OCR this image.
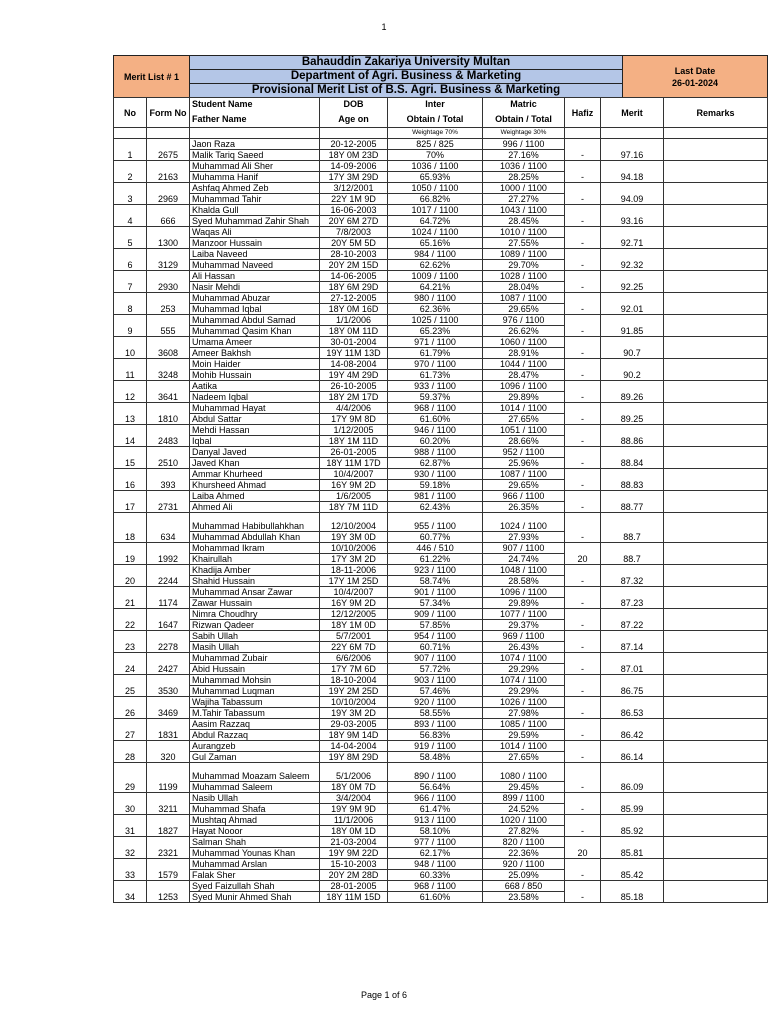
1
Merit List # 1	Bahauddin Zakariya University Multan	
Last Date
26-01-2024

Department of Agri. Business & Marketing
Provisional Merit List of B.S. Agri. Business & Marketing
No	Form No	Student Name	DOB	Inter	Matric	Hafiz	Merit	Remarks
		Father Name	Age on	Obtain / Total	Obtain / Total			
				Weightage 70%	Weightage 30%			
1	2675	Jaon Raza	20-12-2005	825 / 825	996 / 1100	-	97.16	
		Malik Tariq Saeed	18Y 0M 23D	70%	27.16%			
2	2163	Muhammad Ali Sher	14-09-2006	1036 / 1100	1036 / 1100	-	94.18	
		Muhamma Hanif	17Y 3M 29D	65.93%	28.25%			
3	2969	Ashfaq Ahmed Zeb	3/12/2001	1050 / 1100	1000 / 1100	-	94.09	
		Muhammad Tahir	22Y 1M 9D	66.82%	27.27%			
4	666	Khalda Gull	16-06-2003	1017 / 1100	1043 / 1100	-	93.16	
		Syed Muhammad Zahir Shah	20Y 6M 27D	64.72%	28.45%			
5	1300	Waqas Ali	7/8/2003	1024 / 1100	1010 / 1100	-	92.71	
		Manzoor Hussain	20Y 5M 5D	65.16%	27.55%			
6	3129	Laiba Naveed	28-10-2003	984 / 1100	1089 / 1100	-	92.32	
		Muhammad Naveed	20Y 2M 15D	62.62%	29.70%			
7	2930	Ali Hassan	14-06-2005	1009 / 1100	1028 / 1100	-	92.25	
		Nasir Mehdi	18Y 6M 29D	64.21%	28.04%			
8	253	Muhammad Abuzar	27-12-2005	980 / 1100	1087 / 1100	-	92.01	
		Muhammad Iqbal	18Y 0M 16D	62.36%	29.65%			
9	555	Muhammad Abdul Samad	1/1/2006	1025 / 1100	976 / 1100	-	91.85	
		Muhammad Qasim Khan	18Y 0M 11D	65.23%	26.62%			
10	3608	Umama Ameer	30-01-2004	971 / 1100	1060 / 1100	-	90.7	
		Ameer Bakhsh	19Y 11M 13D	61.79%	28.91%			
11	3248	Moin Haider	14-08-2004	970 / 1100	1044 / 1100	-	90.2	
		Mohib Hussain	19Y 4M 29D	61.73%	28.47%			
12	3641	Aatika	26-10-2005	933 / 1100	1096 / 1100	-	89.26	
		Nadeem Iqbal	18Y 2M 17D	59.37%	29.89%			
13	1810	Muhammad Hayat	4/4/2006	968 / 1100	1014 / 1100	-	89.25	
		Abdul Sattar	17Y 9M 8D	61.60%	27.65%			
14	2483	Mehdi Hassan	1/12/2005	946 / 1100	1051 / 1100	-	88.86	
		Iqbal	18Y 1M 11D	60.20%	28.66%			
15	2510	Danyal Javed	26-01-2005	988 / 1100	952 / 1100	-	88.84	
		Javed Khan	18Y 11M 17D	62.87%	25.96%			
16	393	Ammar Khurheed	10/4/2007	930 / 1100	1087 / 1100	-	88.83	
		Khursheed Ahmad	16Y 9M 2D	59.18%	29.65%			
17	2731	Laiba Ahmed	1/6/2005	981 / 1100	966 / 1100	-	88.77	
		Ahmed Ali	18Y 7M 11D	62.43%	26.35%			
18	634	Muhammad Habibullahkhan	12/10/2004	955 / 1100	1024 / 1100	-	88.7	
		Muhammad Abdullah Khan	19Y 3M 0D	60.77%	27.93%			
19	1992	Mohammad Ikram	10/10/2006	446 / 510	907 / 1100	20	88.7	
		Khairullah	17Y 3M 2D	61.22%	24.74%			
20	2244	Khadija Amber	18-11-2006	923 / 1100	1048 / 1100	-	87.32	
		Shahid Hussain	17Y 1M 25D	58.74%	28.58%			
21	1174	Muhammad Ansar Zawar	10/4/2007	901 / 1100	1096 / 1100	-	87.23	
		Zawar Hussain	16Y 9M 2D	57.34%	29.89%			
22	1647	Nimra Choudhry	12/12/2005	909 / 1100	1077 / 1100	-	87.22	
		Rizwan Qadeer	18Y 1M 0D	57.85%	29.37%			
23	2278	Sabih Ullah	5/7/2001	954 / 1100	969 / 1100	-	87.14	
		Masih Ullah	22Y 6M 7D	60.71%	26.43%			
24	2427	Muhammad Zubair	6/6/2006	907 / 1100	1074 / 1100	-	87.01	
		Abid Hussain	17Y 7M 6D	57.72%	29.29%			
25	3530	Muhammad Mohsin	18-10-2004	903 / 1100	1074 / 1100	-	86.75	
		Muhammad Luqman	19Y 2M 25D	57.46%	29.29%			
26	3469	Wajiha Tabassum	10/10/2004	920 / 1100	1026 / 1100	-	86.53	
		M.Tahir Tabassum	19Y 3M 2D	58.55%	27.98%			
27	1831	Aasim Razzaq	29-03-2005	893 / 1100	1085 / 1100	-	86.42	
		Abdul Razzaq	18Y 9M 14D	56.83%	29.59%			
28	320	Aurangzeb	14-04-2004	919 / 1100	1014 / 1100	-	86.14	
		Gul Zaman	19Y 8M 29D	58.48%	27.65%			
29	1199	Muhammad Moazam Saleem	5/1/2006	890 / 1100	1080 / 1100	-	86.09	
		Muhammad Saleem	18Y 0M 7D	56.64%	29.45%			
30	3211	Nasib Ullah	3/4/2004	966 / 1100	899 / 1100	-	85.99	
		Muhammad Shafa	19Y 9M 9D	61.47%	24.52%			
31	1827	Mushtaq Ahmad	11/1/2006	913 / 1100	1020 / 1100	-	85.92	
		Hayat Nooor	18Y 0M 1D	58.10%	27.82%			
32	2321	Salman Shah	21-03-2004	977 / 1100	820 / 1100	20	85.81	
		Muhammad Younas Khan	19Y 9M 22D	62.17%	22.36%			
33	1579	Muhammad Arslan	15-10-2003	948 / 1100	920 / 1100	-	85.42	
		Falak Sher	20Y 2M 28D	60.33%	25.09%			
34	1253	Syed Faizullah Shah	28-01-2005	968 / 1100	668 / 850	-	85.18	
		Syed Munir Ahmed Shah	18Y 11M 15D	61.60%	23.58%			
Page 1 of 6
